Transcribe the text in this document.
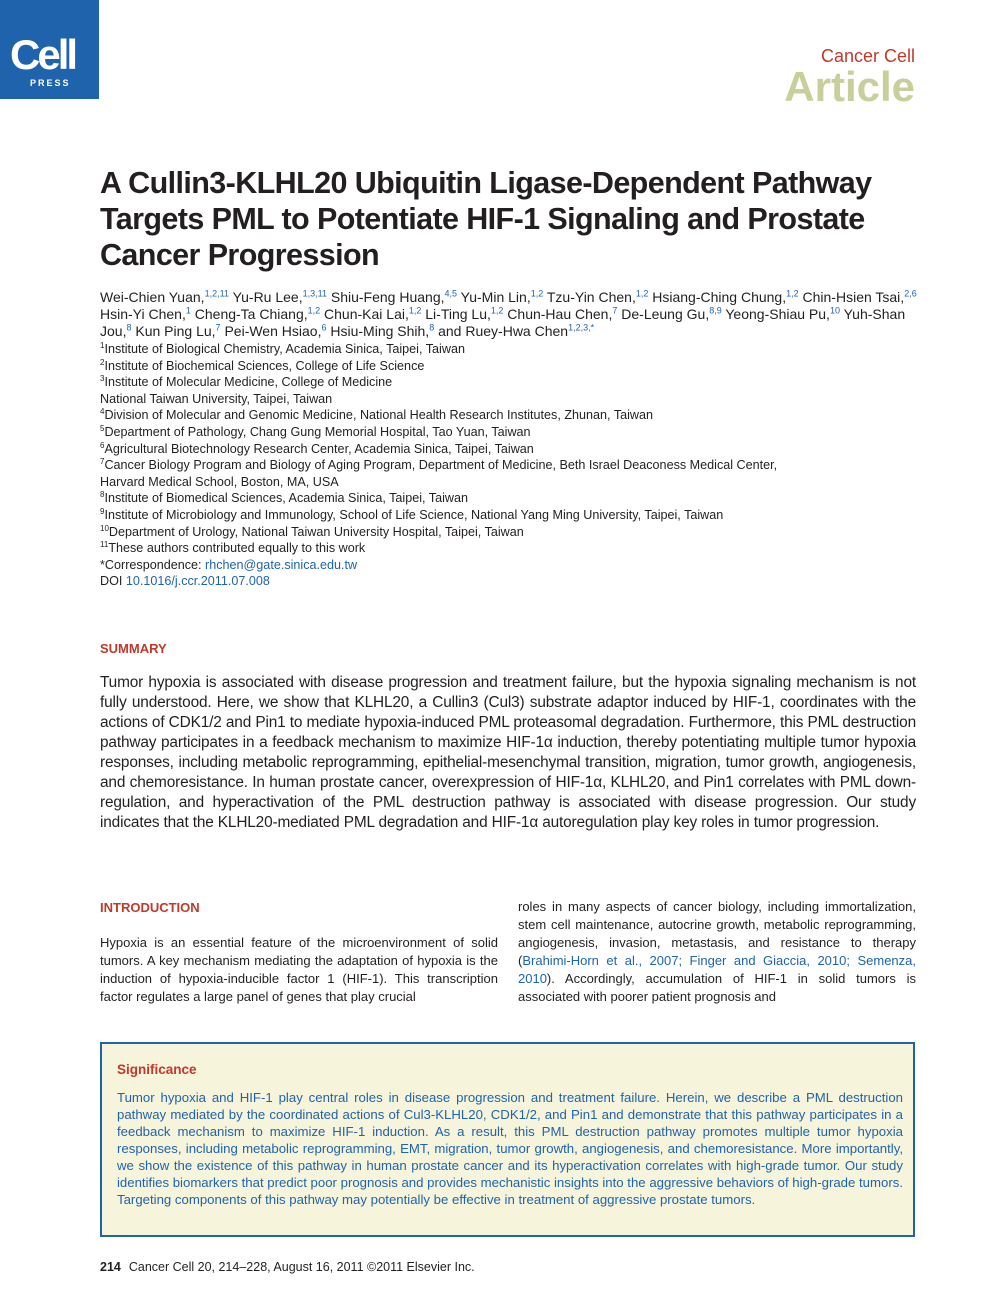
Cell
PRESS
Cancer Cell
Article
A Cullin3-KLHL20 Ubiquitin Ligase-Dependent Pathway Targets PML to Potentiate HIF-1 Signaling and Prostate Cancer Progression
Wei-Chien Yuan,$^{1,2,11}$ Yu-Ru Lee,$^{1,3,11}$ Shiu-Feng Huang,$^{4,5}$ Yu-Min Lin,$^{1,2}$ Tzu-Yin Chen,$^{1,2}$ Hsiang-Ching Chung,$^{1,2}$ Chin-Hsien Tsai,$^{2,6}$ Hsin-Yi Chen,$^1$ Cheng-Ta Chiang,$^{1,2}$ Chun-Kai Lai,$^{1,2}$ Li-Ting Lu,$^{1,2}$ Chun-Hau Chen,$^7$ De-Leung Gu,$^{8,9}$ Yeong-Shiau Pu,$^{10}$ Yuh-Shan Jou,$^8$ Kun Ping Lu,$^7$ Pei-Wen Hsiao,$^6$ Hsiu-Ming Shih,$^8$ and Ruey-Hwa Chen$^{1,2,3,*}$
$^1$Institute of Biological Chemistry, Academia Sinica, Taipei, Taiwan
$^2$Institute of Biochemical Sciences, College of Life Science
$^3$Institute of Molecular Medicine, College of Medicine
National Taiwan University, Taipei, Taiwan
$^4$Division of Molecular and Genomic Medicine, National Health Research Institutes, Zhunan, Taiwan
$^5$Department of Pathology, Chang Gung Memorial Hospital, Tao Yuan, Taiwan
$^6$Agricultural Biotechnology Research Center, Academia Sinica, Taipei, Taiwan
$^7$Cancer Biology Program and Biology of Aging Program, Department of Medicine, Beth Israel Deaconess Medical Center,
Harvard Medical School, Boston, MA, USA
$^8$Institute of Biomedical Sciences, Academia Sinica, Taipei, Taiwan
$^9$Institute of Microbiology and Immunology, School of Life Science, National Yang Ming University, Taipei, Taiwan
$^{10}$Department of Urology, National Taiwan University Hospital, Taipei, Taiwan
$^{11}$These authors contributed equally to this work
*Correspondence: rhchen@gate.sinica.edu.tw
DOI 10.1016/j.ccr.2011.07.008
SUMMARY
Tumor hypoxia is associated with disease progression and treatment failure, but the hypoxia signaling mechanism is not fully understood. Here, we show that KLHL20, a Cullin3 (Cul3) substrate adaptor induced by HIF-1, coordinates with the actions of CDK1/2 and Pin1 to mediate hypoxia-induced PML proteasomal degradation. Furthermore, this PML destruction pathway participates in a feedback mechanism to maximize HIF-1α induction, thereby potentiating multiple tumor hypoxia responses, including metabolic reprogramming, epithelial-mesenchymal transition, migration, tumor growth, angiogenesis, and chemoresistance. In human prostate cancer, overexpression of HIF-1α, KLHL20, and Pin1 correlates with PML down-regulation, and hyperactivation of the PML destruction pathway is associated with disease progression. Our study indicates that the KLHL20-mediated PML degradation and HIF-1α autoregulation play key roles in tumor progression.
INTRODUCTION
Hypoxia is an essential feature of the microenvironment of solid tumors. A key mechanism mediating the adaptation of hypoxia is the induction of hypoxia-inducible factor 1 (HIF-1). This transcription factor regulates a large panel of genes that play crucial
roles in many aspects of cancer biology, including immortalization, stem cell maintenance, autocrine growth, metabolic reprogramming, angiogenesis, invasion, metastasis, and resistance to therapy (Brahimi-Horn et al., 2007; Finger and Giaccia, 2010; Semenza, 2010). Accordingly, accumulation of HIF-1 in solid tumors is associated with poorer patient prognosis and
Significance
Tumor hypoxia and HIF-1 play central roles in disease progression and treatment failure. Herein, we describe a PML destruction pathway mediated by the coordinated actions of Cul3-KLHL20, CDK1/2, and Pin1 and demonstrate that this pathway participates in a feedback mechanism to maximize HIF-1 induction. As a result, this PML destruction pathway promotes multiple tumor hypoxia responses, including metabolic reprogramming, EMT, migration, tumor growth, angiogenesis, and chemoresistance. More importantly, we show the existence of this pathway in human prostate cancer and its hyperactivation correlates with high-grade tumor. Our study identifies biomarkers that predict poor prognosis and provides mechanistic insights into the aggressive behaviors of high-grade tumors. Targeting components of this pathway may potentially be effective in treatment of aggressive prostate tumors.
214 Cancer Cell 20, 214–228, August 16, 2011 ©2011 Elsevier Inc.
